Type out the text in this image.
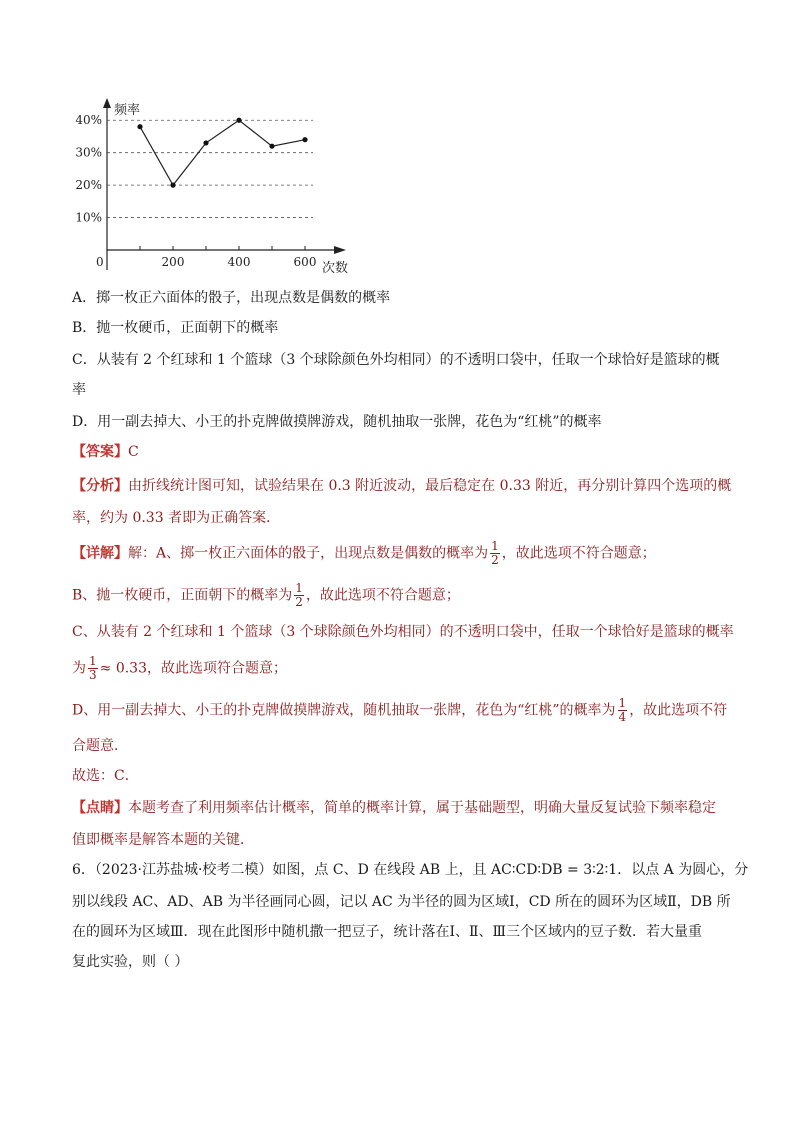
频率
次数
0
10%
20%
30%
40%
200	400	600
A．掷一枚正六面体的骰子，出现点数是偶数的概率
B．抛一枚硬币，正面朝下的概率
C．从装有 2 个红球和 1 个篮球（3 个球除颜色外均相同）的不透明口袋中，任取一个球恰好是篮球的概
率
D．用一副去掉大、小王的扑克牌做摸牌游戏，随机抽取一张牌，花色为“红桃”的概率
【答案】C
【分析】由折线统计图可知，试验结果在 0.3 附近波动，最后稳定在 0.33 附近，再分别计算四个选项的概
率，约为 0.33 者即为正确答案．
【详解】解：A、掷一枚正六面体的骰子，出现点数是偶数的概率为 $\frac{1}{2}$ ，故此选项不符合题意；
B、抛一枚硬币，正面朝下的概率为 $\frac{1}{2}$ ，故此选项不符合题意；
C、从装有 2 个红球和 1 个篮球（3 个球除颜色外均相同）的不透明口袋中，任取一个球恰好是篮球的概率
为 $\frac{1}{3} \approx 0.33$，故此选项符合题意；
D、用一副去掉大、小王的扑克牌做摸牌游戏，随机抽取一张牌，花色为“红桃”的概率为 $\frac{1}{4}$ ，故此选项不符
合题意．
故选：C．
【点睛】本题考查了利用频率估计概率，简单的概率计算，属于基础题型，明确大量反复试验下频率稳定
值即概率是解答本题的关键．
6．（2023·江苏盐城·校考二模）如图，点 C、D 在线段 AB 上，且 AC∶CD∶DB = 3∶2∶1．以点 A 为圆心，分
别以线段 AC、AD、AB 为半径画同心圆，记以 AC 为半径的圆为区域Ⅰ，CD 所在的圆环为区域Ⅱ，DB 所
在的圆环为区域Ⅲ．现在此图形中随机撒一把豆子，统计落在Ⅰ、Ⅱ、Ⅲ三个区域内的豆子数．若大量重
复此实验，则（ ）
